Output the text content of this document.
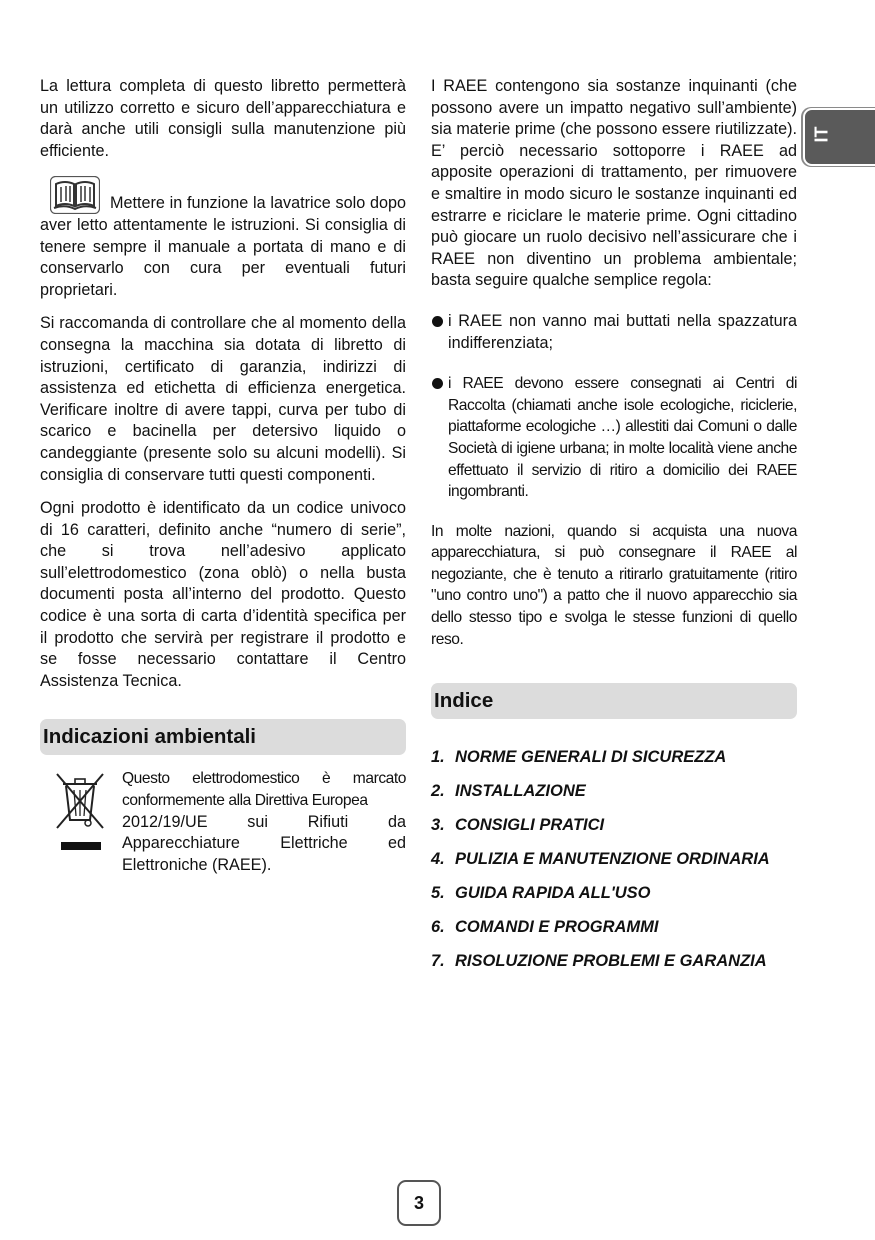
IT

La lettura completa di questo libretto permetterà un utilizzo corretto e sicuro dell’apparecchiatura e darà anche utili consigli sulla manutenzione più efficiente.

Mettere in funzione la lavatrice solo dopo aver letto attentamente le istruzioni. Si consiglia di tenere sempre il manuale a portata di mano e di conservarlo con cura per eventuali futuri proprietari.

Si raccomanda di controllare che al momento della consegna la macchina sia dotata di libretto di istruzioni, certificato di garanzia, indirizzi di assistenza ed etichetta di efficienza energetica. Verificare inoltre di avere tappi, curva per tubo di scarico e bacinella per detersivo liquido o candeggiante (presente solo su alcuni modelli). Si consiglia di conservare tutti questi componenti.

Ogni prodotto è identificato da un codice univoco di 16 caratteri, definito anche “numero di serie”, che si trova nell’adesivo applicato sull’elettrodomestico (zona oblò) o nella busta documenti posta all’interno del prodotto. Questo codice è una sorta di carta d’identità specifica per il prodotto che servirà per registrare il prodotto e se fosse necessario contattare il Centro Assistenza Tecnica.

Indicazioni ambientali

Questo elettrodomestico è marcato conformemente alla Direttiva Europea

2012/19/UE sui Rifiuti da Apparecchiature Elettriche ed Elettroniche (RAEE).

I RAEE contengono sia sostanze inquinanti (che possono avere un impatto negativo sull’ambiente) sia materie prime (che possono essere riutilizzate). E’ perciò necessario sottoporre i RAEE ad apposite operazioni di trattamento, per rimuovere e smaltire in modo sicuro le sostanze inquinanti ed estrarre e riciclare le materie prime. Ogni cittadino può giocare un ruolo decisivo nell’assicurare che i RAEE non diventino un problema ambientale; basta seguire qualche semplice regola:

i RAEE non vanno mai buttati nella spazzatura indifferenziata;

i RAEE devono essere consegnati ai Centri di Raccolta (chiamati anche isole ecologiche, riciclerie, piattaforme ecologiche …) allestiti dai Comuni o dalle Società di igiene urbana; in molte località viene anche effettuato il servizio di ritiro a domicilio dei RAEE ingombranti.

In molte nazioni, quando si acquista una nuova apparecchiatura, si può consegnare il RAEE al negoziante, che è tenuto a ritirarlo gratuitamente (ritiro "uno contro uno") a patto che il nuovo apparecchio sia dello stesso tipo e svolga le stesse funzioni di quello reso.

Indice
1. NORME GENERALI DI SICUREZZA
2. INSTALLAZIONE
3. CONSIGLI PRATICI
4. PULIZIA E MANUTENZIONE ORDINARIA
5. GUIDA RAPIDA ALL'USO
6. COMANDI E PROGRAMMI
7. RISOLUZIONE PROBLEMI E GARANZIA
3
